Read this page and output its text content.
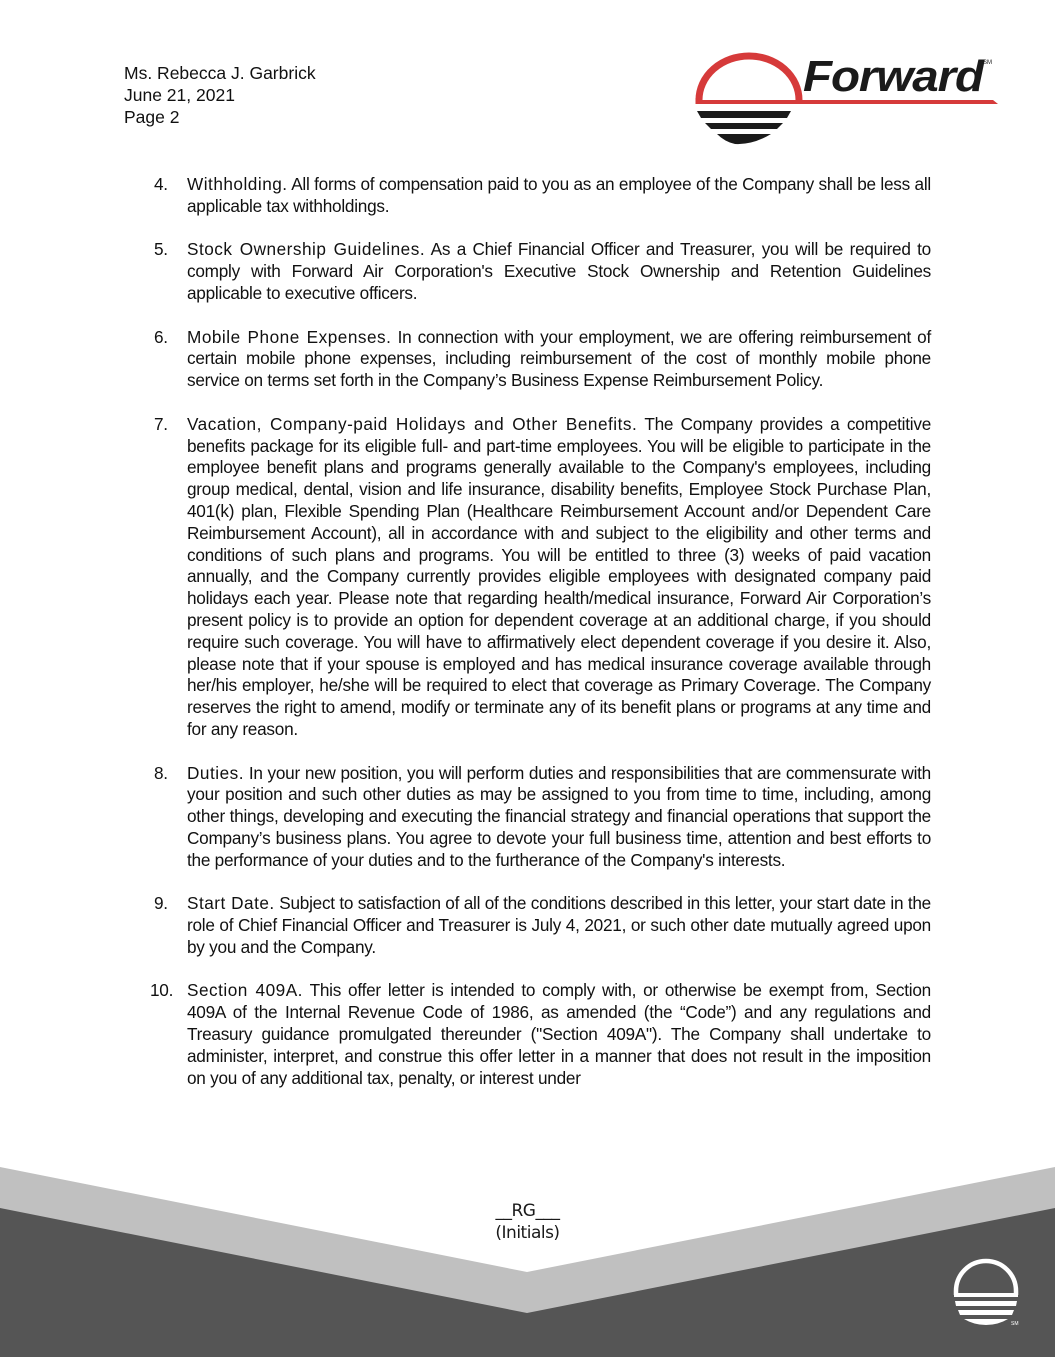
Ms. Rebecca J. Garbrick
June 21, 2021
Page 2
Forward
SM
4. Withholding. All forms of compensation paid to you as an employee of the Company shall be less all applicable tax withholdings.
5. Stock Ownership Guidelines. As a Chief Financial Officer and Treasurer, you will be required to comply with Forward Air Corporation's Executive Stock Ownership and Retention Guidelines applicable to executive officers.
6. Mobile Phone Expenses. In connection with your employment, we are offering reimbursement of certain mobile phone expenses, including reimbursement of the cost of monthly mobile phone service on terms set forth in the Company’s Business Expense Reimbursement Policy.
7. Vacation, Company-paid Holidays and Other Benefits. The Company provides a competitive benefits package for its eligible full- and part-time employees. You will be eligible to participate in the employee benefit plans and programs generally available to the Company's employees, including group medical, dental, vision and life insurance, disability benefits, Employee Stock Purchase Plan, 401(k) plan, Flexible Spending Plan (Healthcare Reimbursement Account and/or Dependent Care Reimbursement Account), all in accordance with and subject to the eligibility and other terms and conditions of such plans and programs. You will be entitled to three (3) weeks of paid vacation annually, and the Company currently provides eligible employees with designated company paid holidays each year. Please note that regarding health/medical insurance, Forward Air Corporation’s present policy is to provide an option for dependent coverage at an additional charge, if you should require such coverage. You will have to affirmatively elect dependent coverage if you desire it. Also, please note that if your spouse is employed and has medical insurance coverage available through her/his employer, he/she will be required to elect that coverage as Primary Coverage. The Company reserves the right to amend, modify or terminate any of its benefit plans or programs at any time and for any reason.
8. Duties. In your new position, you will perform duties and responsibilities that are commensurate with your position and such other duties as may be assigned to you from time to time, including, among other things, developing and executing the financial strategy and financial operations that support the Company’s business plans. You agree to devote your full business time, attention and best efforts to the performance of your duties and to the furtherance of the Company's interests.
9. Start Date. Subject to satisfaction of all of the conditions described in this letter, your start date in the role of Chief Financial Officer and Treasurer is July 4, 2021, or such other date mutually agreed upon by you and the Company.
10. Section 409A. This offer letter is intended to comply with, or otherwise be exempt from, Section 409A of the Internal Revenue Code of 1986, as amended (the “Code”) and any regulations and Treasury guidance promulgated thereunder ("Section 409A"). The Company shall undertake to administer, interpret, and construe this offer letter in a manner that does not result in the imposition on you of any additional tax, penalty, or interest under
__RG___
(Initials)
SM
